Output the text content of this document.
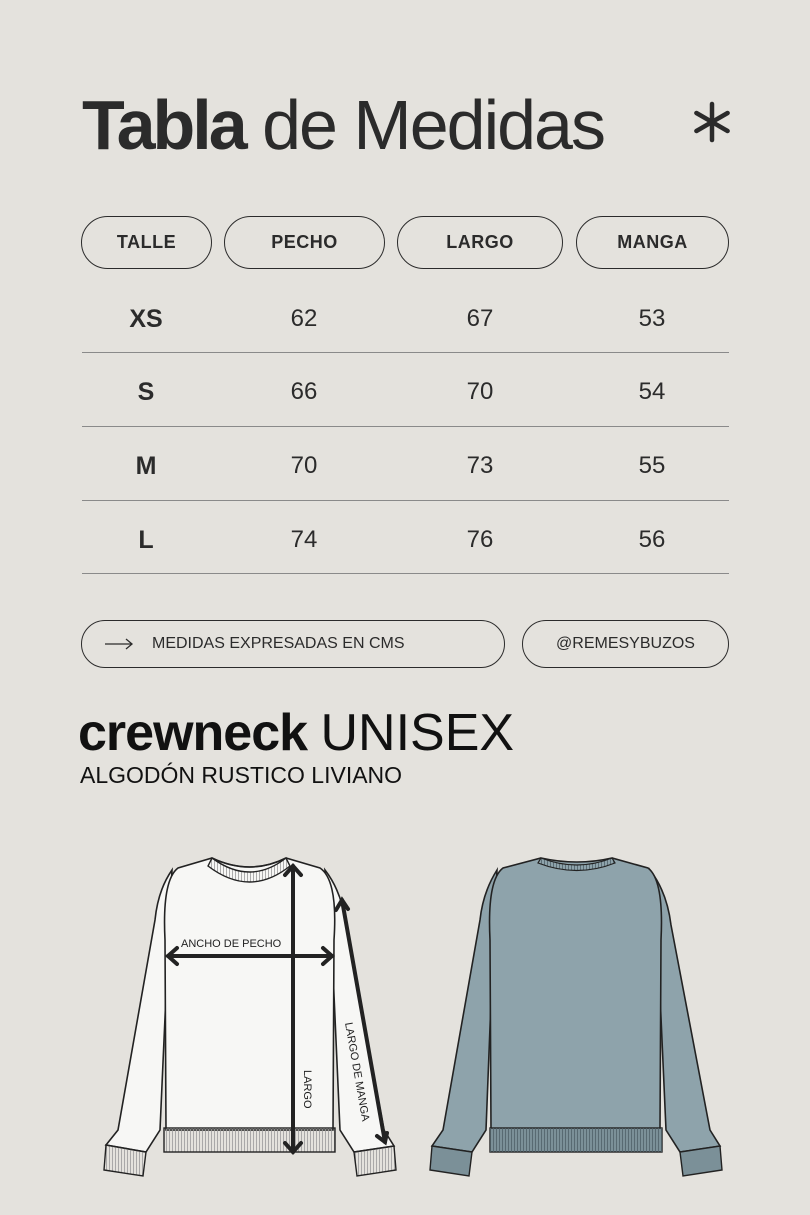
Tabla de Medidas
TALLE	PECHO	LARGO	MANGA
XS	62	67	53
S	66	70	54
M	70	73	55
L	74	76	56
MEDIDAS EXPRESADAS EN CMS	@REMESYBUZOS
crewneck UNISEX
ALGODÓN RUSTICO LIVIANO
ANCHO DE PECHO
LARGO	LARGO DE MANGA
